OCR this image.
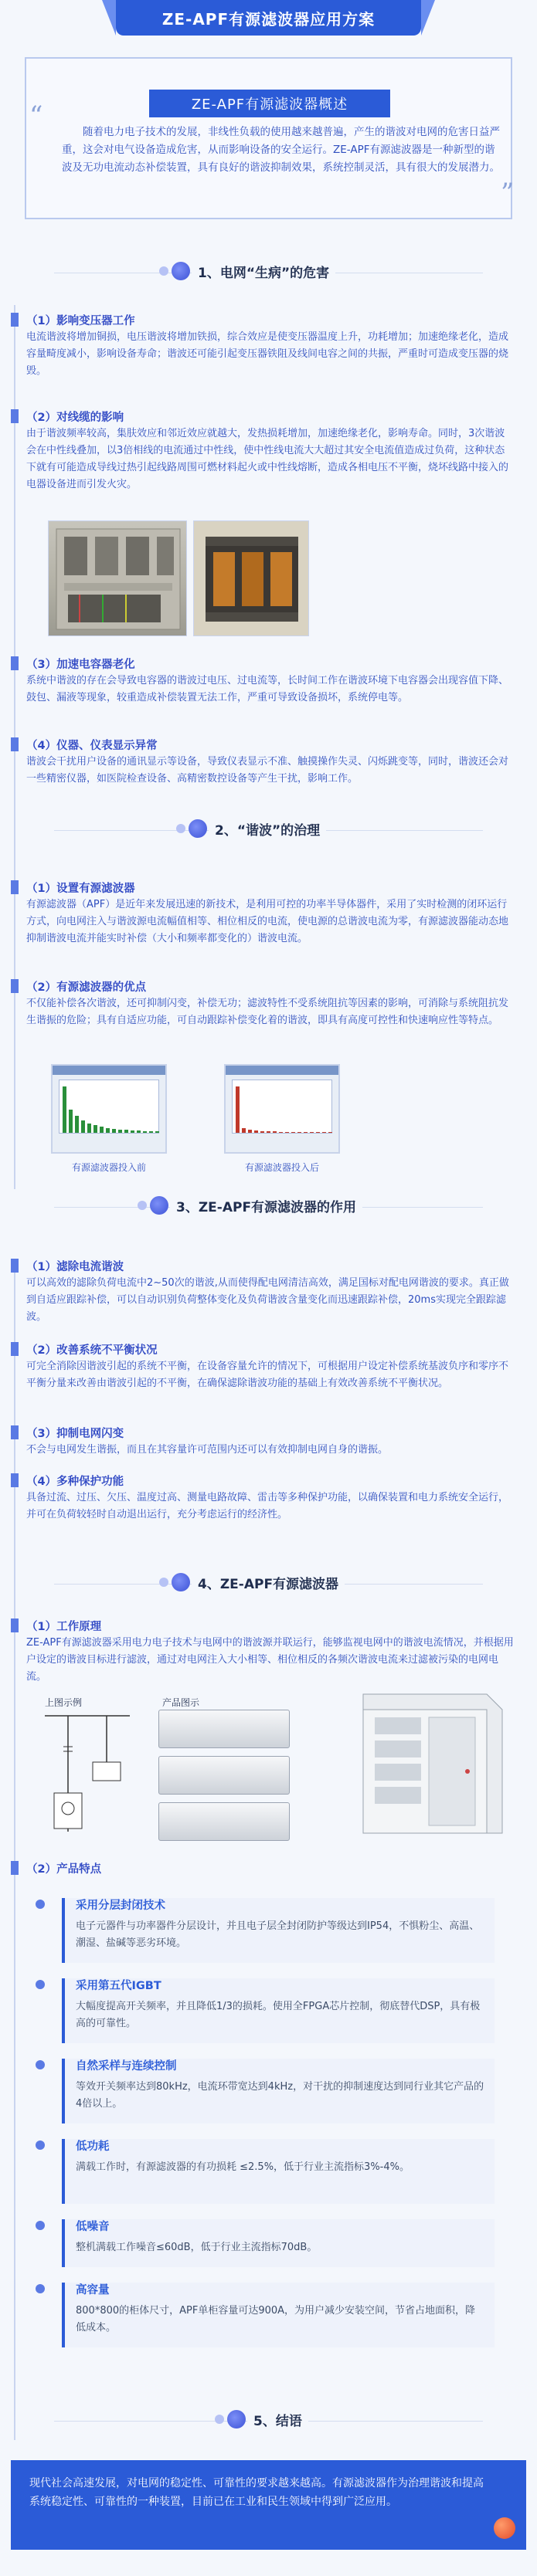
ZE-APF有源滤波器应用方案
ZE-APF有源滤波器概述
“
随着电力电子技术的发展，非线性负载的使用越来越普遍，产生的谐波对电网的危害日益严重，这会对电气设备造成危害，从而影响设备的安全运行。ZE-APF有源滤波器是一种新型的谐波及无功电流动态补偿装置，具有良好的谐波抑制效果，系统控制灵活，具有很大的发展潜力。
”
1、电网“生病”的危害
（1）影响变压器工作
电流谐波将增加铜损，电压谐波将增加铁损，综合效应是使变压器温度上升，功耗增加；加速绝缘老化，造成容量畸度减小，影响设备寿命；谐波还可能引起变压器铁阻及线间电容之间的共振，严重时可造成变压器的烧毁。
（2）对线缆的影响
由于谐波频率较高，集肤效应和邻近效应就越大，发热损耗增加，加速绝缘老化，影响寿命。同时，3次谐波会在中性线叠加，以3倍相线的电流通过中性线，使中性线电流大大超过其安全电流值造成过负荷，这种状态下就有可能造成导线过热引起线路周围可燃材料起火或中性线熔断，造成各相电压不平衡，烧坏线路中接入的电器设备进而引发火灾。
（3）加速电容器老化
系统中谐波的存在会导致电容器的谐波过电压、过电流等，长时间工作在谐波环境下电容器会出现容值下降、鼓包、漏液等现象，较重造成补偿装置无法工作，严重可导致设备损坏，系统停电等。
（4）仪器、仪表显示异常
谐波会干扰用户设备的通讯显示等设备，导致仪表显示不准、触摸操作失灵、闪烁跳变等，同时，谐波还会对一些精密仪器，如医院检查设备、高精密数控设备等产生干扰，影响工作。
2、“谐波”的治理
（1）设置有源滤波器
有源滤波器（APF）是近年来发展迅速的新技术，是利用可控的功率半导体器件，采用了实时检测的闭环运行方式，向电网注入与谐波源电流幅值相等、相位相反的电流，使电源的总谐波电流为零，有源滤波器能动态地抑制谐波电流并能实时补偿（大小和频率都变化的）谐波电流。
（2）有源滤波器的优点
不仅能补偿各次谐波，还可抑制闪变，补偿无功；滤波特性不受系统阻抗等因素的影响，可消除与系统阻抗发生谐振的危险；具有自适应功能，可自动跟踪补偿变化着的谐波，即具有高度可控性和快速响应性等特点。
有源滤波器投入前	有源滤波器投入后
3、ZE-APF有源滤波器的作用
（1）滤除电流谐波
可以高效的滤除负荷电流中2~50次的谐波,从而使得配电网清洁高效，满足国标对配电网谐波的要求。真正做到自适应跟踪补偿，可以自动识别负荷整体变化及负荷谐波含量变化而迅速跟踪补偿，20ms实现完全跟踪滤波。
（2）改善系统不平衡状况
可完全消除因谐波引起的系统不平衡，在设备容量允许的情况下，可根据用户设定补偿系统基波负序和零序不平衡分量来改善由谐波引起的不平衡，在确保滤除谐波功能的基础上有效改善系统不平衡状况。
（3）抑制电网闪变
不会与电网发生谐振，而且在其容量许可范围内还可以有效抑制电网自身的谐振。
（4）多种保护功能
具备过流、过压、欠压、温度过高、测量电路故障、雷击等多种保护功能，以确保装置和电力系统安全运行，并可在负荷较轻时自动退出运行，充分考虑运行的经济性。
4、ZE-APF有源滤波器
（1）工作原理
ZE-APF有源滤波器采用电力电子技术与电网中的谐波源并联运行，能够监视电网中的谐波电流情况，并根据用户设定的谐波目标进行滤波，通过对电网注入大小相等、相位相反的各频次谐波电流来过滤被污染的电网电流。
上图示例	产品图示
（2）产品特点
采用分层封闭技术
电子元器件与功率器件分层设计，并且电子层全封闭防护等级达到IP54，不惧粉尘、高温、潮湿、盐碱等恶劣环境。
采用第五代IGBT
大幅度提高开关频率，并且降低1/3的损耗。使用全FPGA芯片控制，彻底替代DSP，具有极高的可靠性。
自然采样与连续控制
等效开关频率达到80kHz，电流环带宽达到4kHz，对干扰的抑制速度达到同行业其它产品的4倍以上。
低功耗
满载工作时，有源滤波器的有功损耗 ≤2.5%，低于行业主流指标3%-4%。
低噪音
整机满载工作噪音≤60dB，低于行业主流指标70dB。
高容量
800*800的柜体尺寸，APF单柜容量可达900A，为用户减少安装空间，节省占地面积，降低成本。
5、结语
现代社会高速发展，对电网的稳定性、可靠性的要求越来越高。有源滤波器作为治理谐波和提高系统稳定性、可靠性的一种装置，目前已在工业和民生领域中得到广泛应用。
